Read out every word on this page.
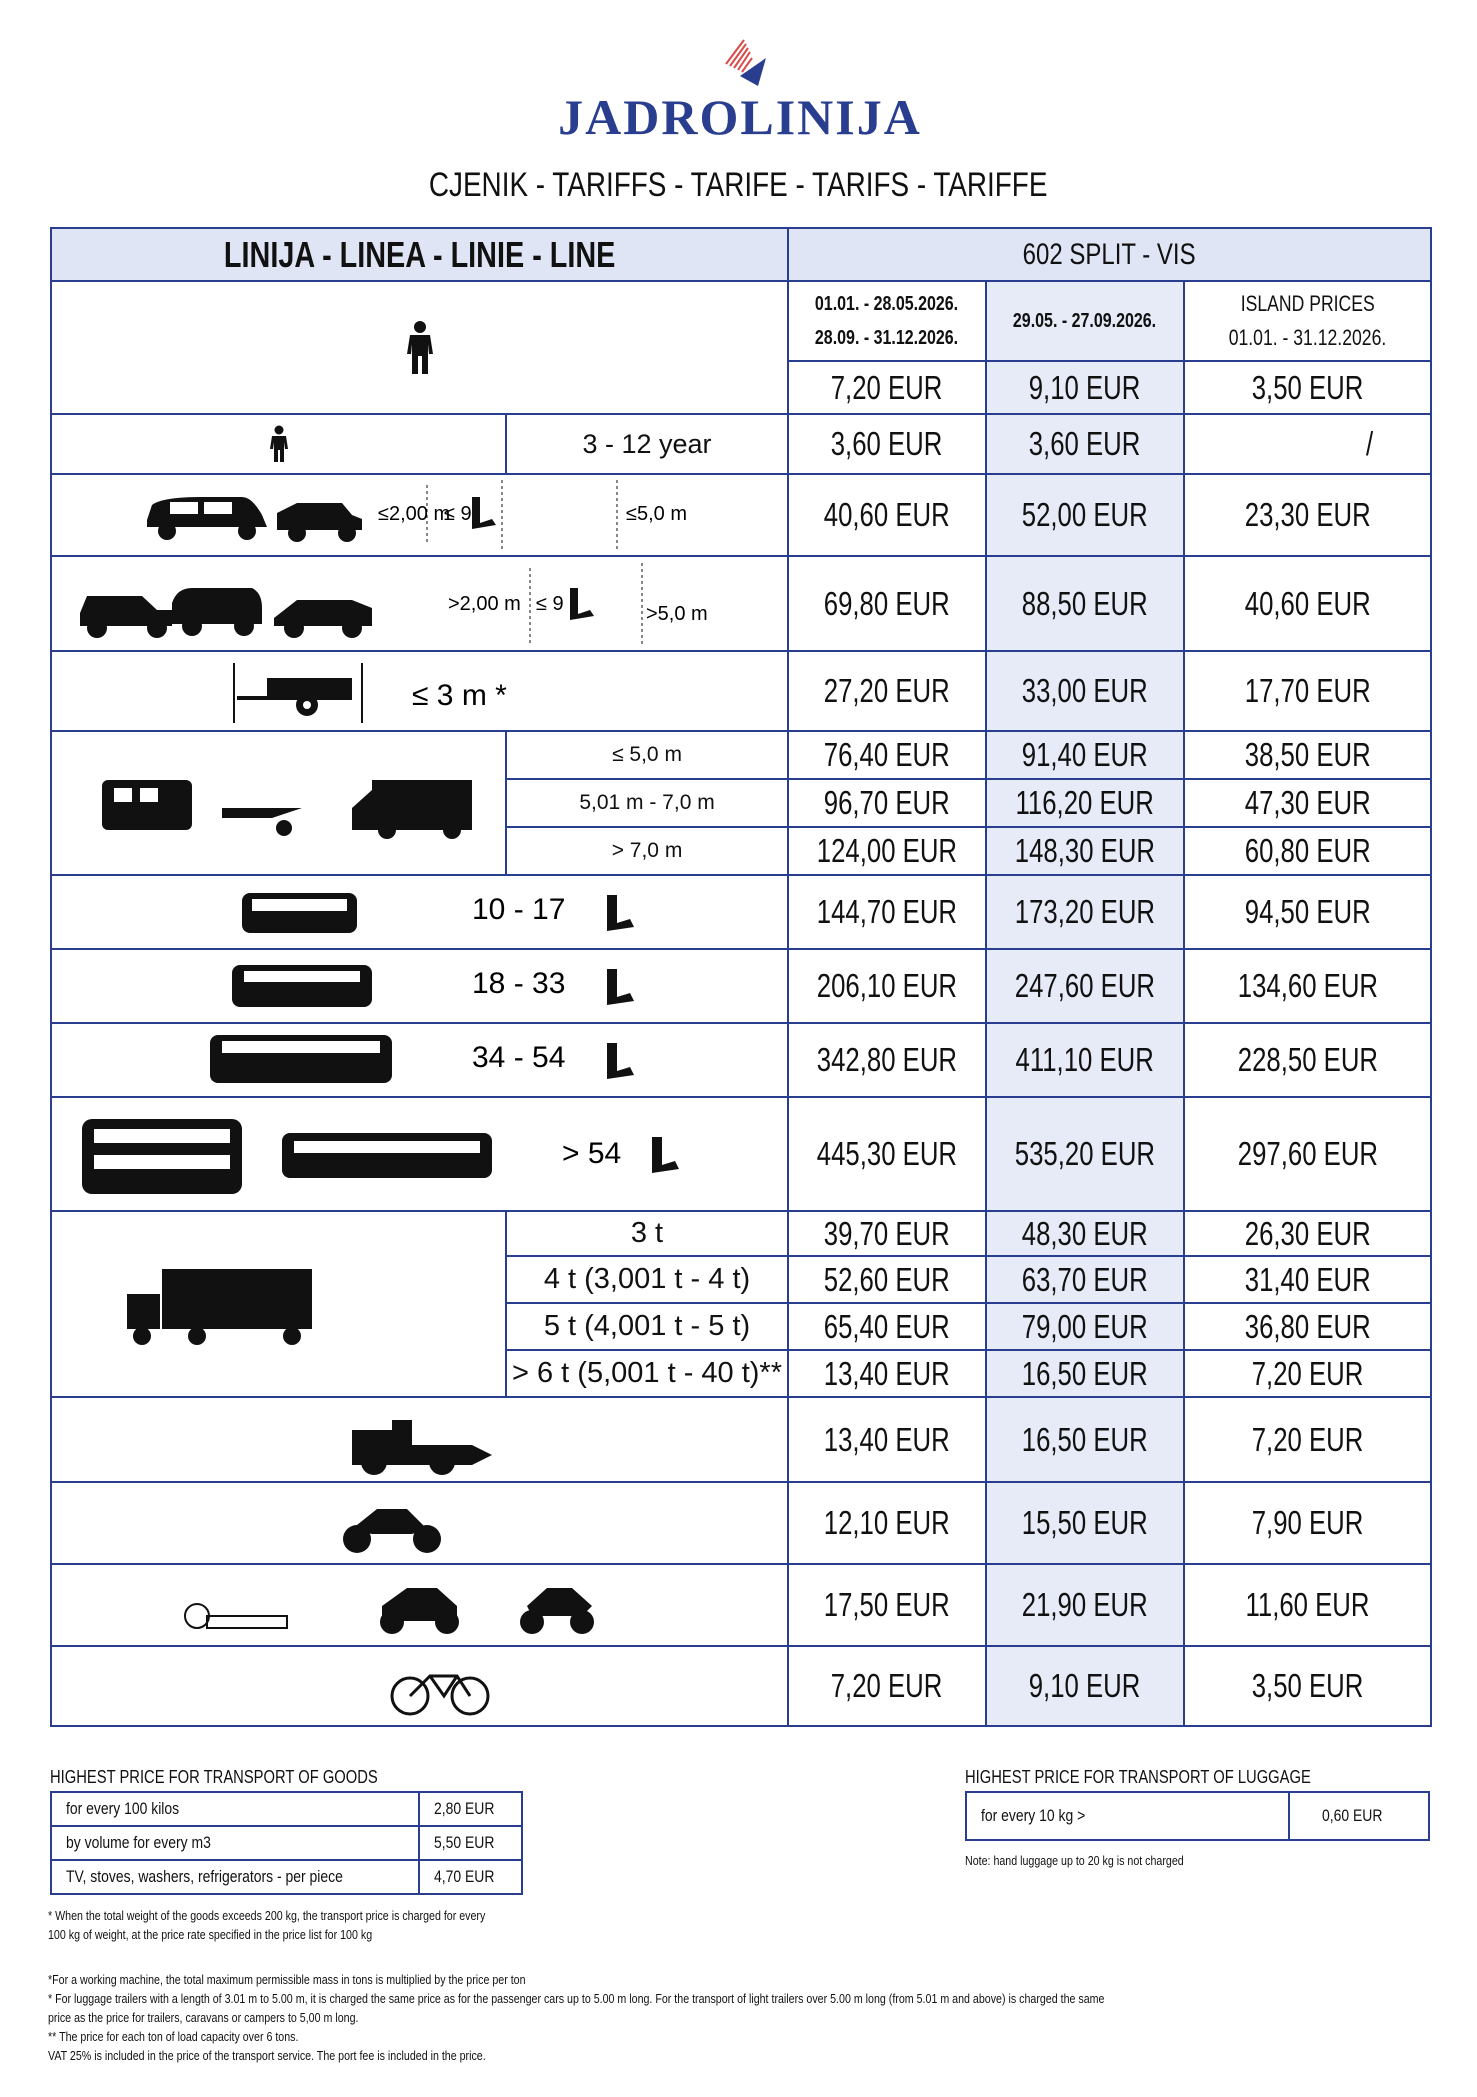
JADROLINIJA
CJENIK - TARIFFS - TARIFE - TARIFS - TARIFFE
LINIJA - LINEA - LINIE - LINE		602 SPLIT - VIS		

	01.01. - 28.05.2026.
28.09. - 31.12.2026.	29.05. - 27.09.2026.	ISLAND PRICES
01.01. - 31.12.2026.
		7,20 EUR	9,10 EUR	3,50 EUR

	3 - 12 year	3,60 EUR	3,60 EUR	/

≤2,00 m
≤ 9 ≤5,0 m		40,60 EUR	52,00 EUR	23,30 EUR

>2,00 m ≤ 9 >5,0 m		69,80 EUR	88,50 EUR	40,60 EUR

≤ 3 m *		27,20 EUR	33,00 EUR	17,70 EUR

	≤ 5,0 m	76,40 EUR	91,40 EUR	38,50 EUR
	5,01 m - 7,0 m	96,70 EUR	116,20 EUR	47,30 EUR
	> 7,0 m	124,00 EUR	148,30 EUR	60,80 EUR

10 - 17		144,70 EUR	173,20 EUR	94,50 EUR

18 - 33		206,10 EUR	247,60 EUR	134,60 EUR

34 - 54		342,80 EUR	411,10 EUR	228,50 EUR

> 54		445,30 EUR	535,20 EUR	297,60 EUR

	3 t	39,70 EUR	48,30 EUR	26,30 EUR
	4 t (3,001 t - 4 t)	52,60 EUR	63,70 EUR	31,40 EUR
	5 t (4,001 t - 5 t)	65,40 EUR	79,00 EUR	36,80 EUR
	> 6 t (5,001 t - 40 t)**	13,40 EUR	16,50 EUR	7,20 EUR

	13,40 EUR	16,50 EUR	7,20 EUR

	12,10 EUR	15,50 EUR	7,90 EUR

	17,50 EUR	21,90 EUR	11,60 EUR

	7,20 EUR	9,10 EUR	3,50 EUR
HIGHEST PRICE FOR TRANSPORT OF GOODS
for every 100 kilos	2,80 EUR
by volume for every m3	5,50 EUR
TV, stoves, washers, refrigerators - per piece	4,70 EUR
* When the total weight of the goods exceeds 200 kg, the transport price is charged for every
100 kg of weight, at the price rate specified in the price list for 100 kg
HIGHEST PRICE FOR TRANSPORT OF LUGGAGE
for every 10 kg >	0,60 EUR
Note: hand luggage up to 20 kg is not charged
*For a working machine, the total maximum permissible mass in tons is multiplied by the price per ton
* For luggage trailers with a length of 3.01 m to 5.00 m, it is charged the same price as for the passenger cars up to 5.00 m long. For the transport of light trailers over 5.00 m long (from 5.01 m and above) is charged the same
price as the price for trailers, caravans or campers to 5,00 m long.
** The price for each ton of load capacity over 6 tons.
VAT 25% is included in the price of the transport service. The port fee is included in the price.
